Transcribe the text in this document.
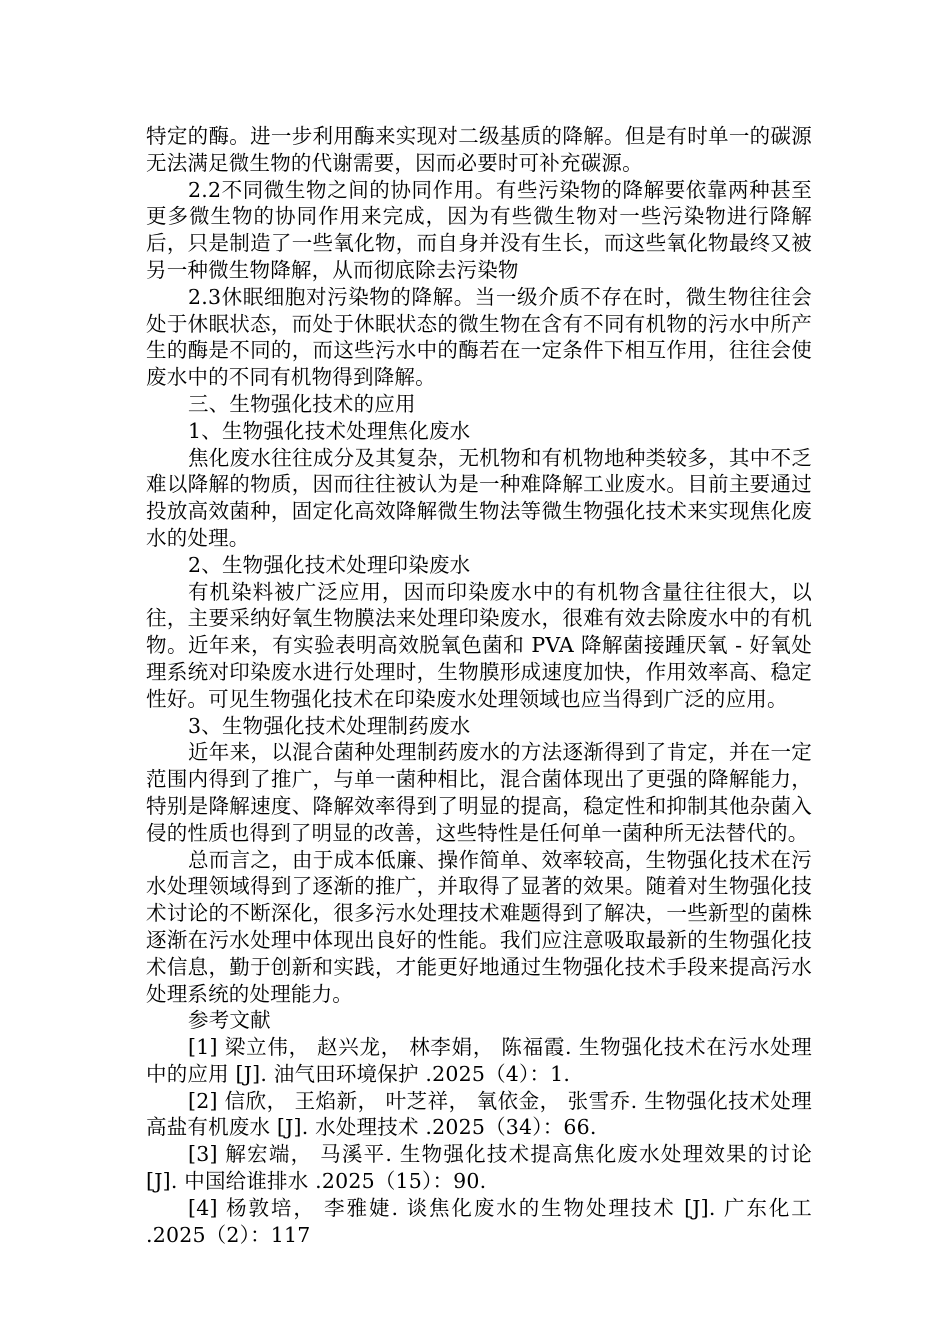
特定的酶。进一步利用酶来实现对二级基质的降解。但是有时单一的碳源无法满足微生物的代谢需要，因而必要时可补充碳源。

2.2不同微生物之间的协同作用。有些污染物的降解要依靠两种甚至更多微生物的协同作用来完成，因为有些微生物对一些污染物进行降解后，只是制造了一些氧化物，而自身并没有生长，而这些氧化物最终又被另一种微生物降解，从而彻底除去污染物

2.3休眠细胞对污染物的降解。当一级介质不存在时，微生物往往会处于休眠状态，而处于休眠状态的微生物在含有不同有机物的污水中所产生的酶是不同的，而这些污水中的酶若在一定条件下相互作用，往往会使废水中的不同有机物得到降解。

三、生物强化技术的应用

1、生物强化技术处理焦化废水

焦化废水往往成分及其复杂，无机物和有机物地种类较多，其中不乏难以降解的物质，因而往往被认为是一种难降解工业废水。目前主要通过投放高效菌种，固定化高效降解微生物法等微生物强化技术来实现焦化废水的处理。

2、生物强化技术处理印染废水

有机染料被广泛应用，因而印染废水中的有机物含量往往很大，以往，主要采纳好氧生物膜法来处理印染废水，很难有效去除废水中的有机物。近年来，有实验表明高效脱氧色菌和 PVA 降解菌接踵厌氧 - 好氧处理系统对印染废水进行处理时，生物膜形成速度加快，作用效率高、稳定性好。可见生物强化技术在印染废水处理领域也应当得到广泛的应用。

3、生物强化技术处理制药废水

近年来，以混合菌种处理制药废水的方法逐渐得到了肯定，并在一定范围内得到了推广，与单一菌种相比，混合菌体现出了更强的降解能力，特别是降解速度、降解效率得到了明显的提高，稳定性和抑制其他杂菌入侵的性质也得到了明显的改善，这些特性是任何单一菌种所无法替代的。

总而言之，由于成本低廉、操作简单、效率较高，生物强化技术在污水处理领域得到了逐渐的推广，并取得了显著的效果。随着对生物强化技术讨论的不断深化，很多污水处理技术难题得到了解决，一些新型的菌株逐渐在污水处理中体现出良好的性能。我们应注意吸取最新的生物强化技术信息，勤于创新和实践，才能更好地通过生物强化技术手段来提高污水处理系统的处理能力。

参考文献

[1] 梁立伟， 赵兴龙， 林李娟， 陈福霞. 生物强化技术在污水处理中的应用 [J]. 油气田环境保护 .2025（4）：1.

[2] 信欣， 王焰新， 叶芝祥， 氧依金， 张雪乔. 生物强化技术处理高盐有机废水 [J]. 水处理技术 .2025（34）：66.

[3] 解宏端， 马溪平. 生物强化技术提高焦化废水处理效果的讨论 [J]. 中国给谁排水 .2025（15）：90.

[4] 杨敦培， 李雅婕. 谈焦化废水的生物处理技术 [J]. 广东化工 .2025（2）：117
